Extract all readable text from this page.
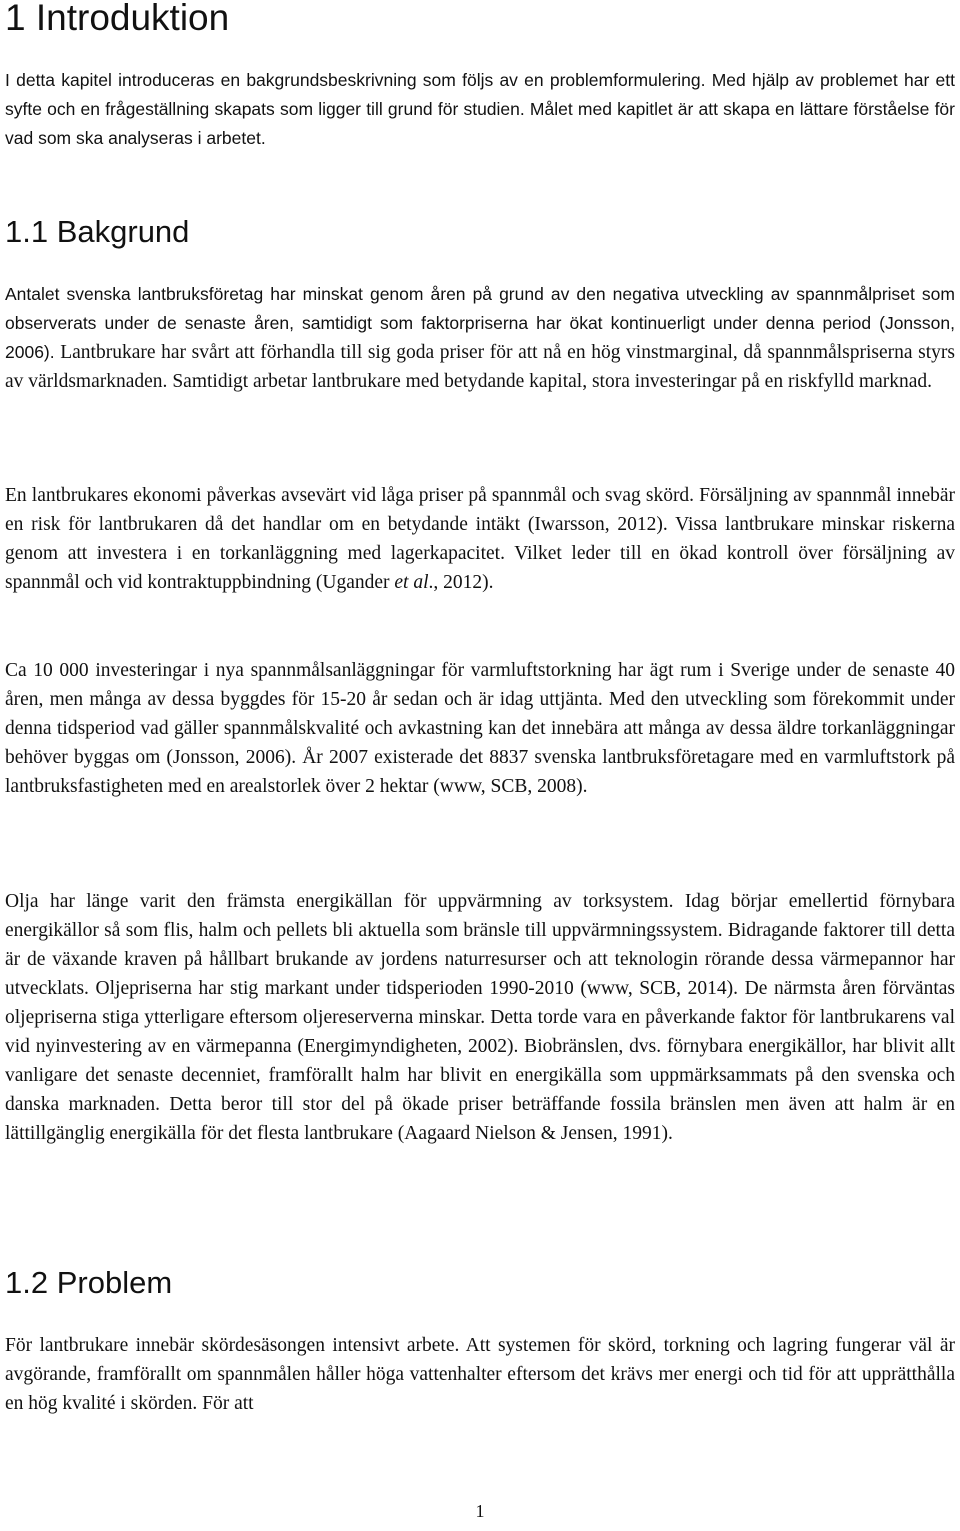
1 Introduktion

I detta kapitel introduceras en bakgrundsbeskrivning som följs av en problemformulering. Med hjälp av problemet har ett syfte och en frågeställning skapats som ligger till grund för studien. Målet med kapitlet är att skapa en lättare förståelse för vad som ska analyseras i arbetet.

1.1 Bakgrund

Antalet svenska lantbruksföretag har minskat genom åren på grund av den negativa utveckling av spannmålpriset som observerats under de senaste åren, samtidigt som faktorpriserna har ökat kontinuerligt under denna period (Jonsson, 2006). Lantbrukare har svårt att förhandla till sig goda priser för att nå en hög vinstmarginal, då spannmålspriserna styrs av världsmarknaden. Samtidigt arbetar lantbrukare med betydande kapital, stora investeringar på en riskfylld marknad.

En lantbrukares ekonomi påverkas avsevärt vid låga priser på spannmål och svag skörd. Försäljning av spannmål innebär en risk för lantbrukaren då det handlar om en betydande intäkt (Iwarsson, 2012). Vissa lantbrukare minskar riskerna genom att investera i en torkanläggning med lagerkapacitet. Vilket leder till en ökad kontroll över försäljning av spannmål och vid kontraktuppbindning (Ugander et al., 2012).

Ca 10 000 investeringar i nya spannmålsanläggningar för varmluftstorkning har ägt rum i Sverige under de senaste 40 åren, men många av dessa byggdes för 15-20 år sedan och är idag uttjänta. Med den utveckling som förekommit under denna tidsperiod vad gäller spannmålskvalité och avkastning kan det innebära att många av dessa äldre torkanläggningar behöver byggas om (Jonsson, 2006). År 2007 existerade det 8837 svenska lantbruksföretagare med en varmluftstork på lantbruksfastigheten med en arealstorlek över 2 hektar (www, SCB, 2008).

Olja har länge varit den främsta energikällan för uppvärmning av torksystem. Idag börjar emellertid förnybara energikällor så som flis, halm och pellets bli aktuella som bränsle till uppvärmningssystem. Bidragande faktorer till detta är de växande kraven på hållbart brukande av jordens naturresurser och att teknologin rörande dessa värmepannor har utvecklats. Oljepriserna har stig markant under tidsperioden 1990-2010 (www, SCB, 2014). De närmsta åren förväntas oljepriserna stiga ytterligare eftersom olјereserverna minskar. Detta torde vara en påverkande faktor för lantbrukarens val vid nyinvestering av en värmepanna (Energimyndigheten, 2002). Biobränslen, dvs. förnybara energikällor, har blivit allt vanligare det senaste decenniet, framförallt halm har blivit en energikälla som uppmärksammats på den svenska och danska marknaden. Detta beror till stor del på ökade priser beträffande fossila bränslen men även att halm är en lättillgänglig energikälla för det flesta lantbrukare (Aagaard Nielson & Jensen, 1991).

1.2 Problem

För lantbrukare innebär skördesäsongen intensivt arbete. Att systemen för skörd, torkning och lagring fungerar väl är avgörande, framförallt om spannmålen håller höga vattenhalter eftersom det krävs mer energi och tid för att upprätthålla en hög kvalité i skörden. För att

1
